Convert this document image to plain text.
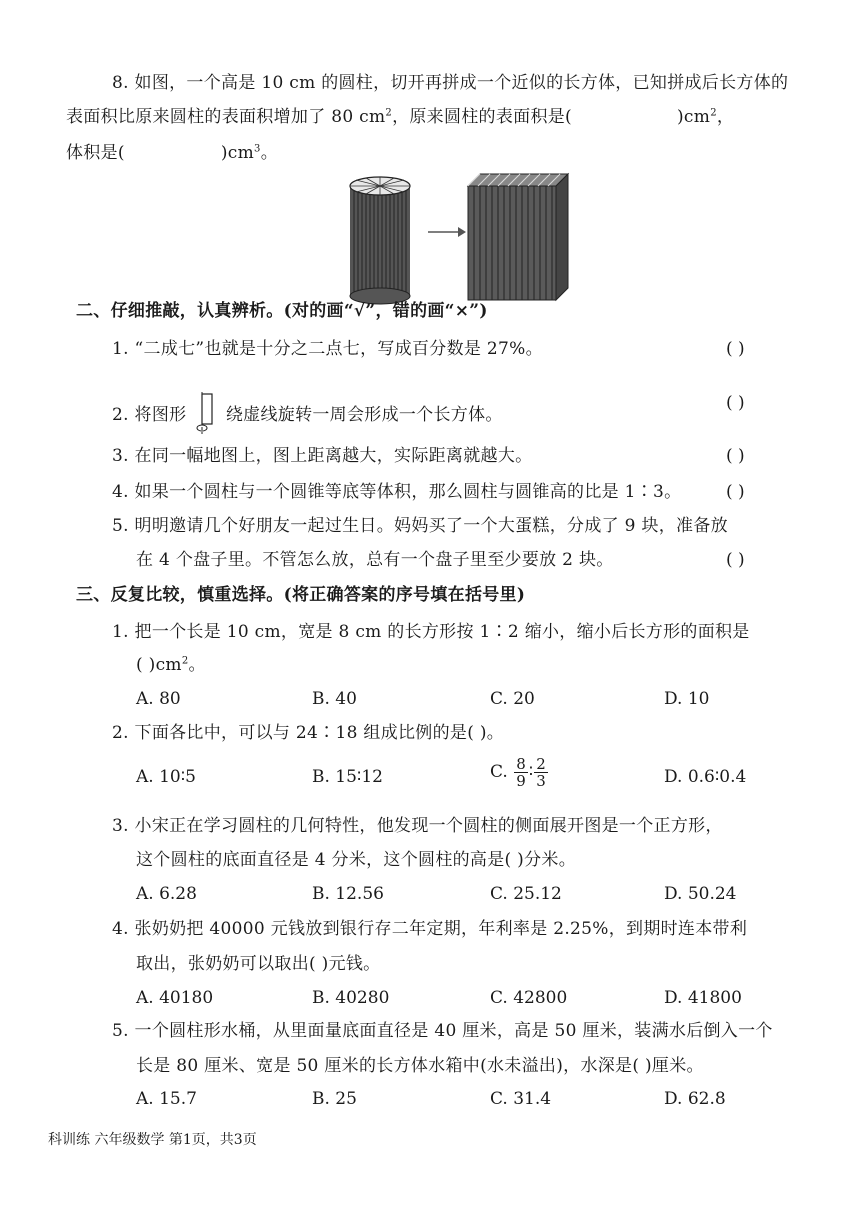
8. 如图，一个高是 10 cm 的圆柱，切开再拼成一个近似的长方体，已知拼成后长方体的
表面积比原来圆柱的表面积增加了 80 $cm^2$，原来圆柱的表面积是(	)$cm^2$，
体积是(	)$cm^3$。
二、仔细推敲，认真辨析。(对的画“√”，错的画“×”)
1. “二成七”也就是十分之二点七，写成百分数是 27%。	( )
2. 将图形 绕虚线旋转一周会形成一个长方体。
( )
3. 在同一幅地图上，图上距离越大，实际距离就越大。	( )
4. 如果一个圆柱与一个圆锥等底等体积，那么圆柱与圆锥高的比是 1∶3。	( )
5. 明明邀请几个好朋友一起过生日。妈妈买了一个大蛋糕，分成了 9 块，准备放
在 4 个盘子里。不管怎么放，总有一个盘子里至少要放 2 块。	( )
三、反复比较，慎重选择。(将正确答案的序号填在括号里)
1. 把一个长是 10 cm，宽是 8 cm 的长方形按 1∶2 缩小，缩小后长方形的面积是
( )$cm^2$。
A. 80	B. 40	C. 20	D. 10
2. 下面各比中，可以与 24∶18 组成比例的是( )。
A. 10∶5	B. 15∶12	C. $\frac{8}{9}$ ∶ $\frac{2}{3}$	D. 0.6∶0.4
3. 小宋正在学习圆柱的几何特性，他发现一个圆柱的侧面展开图是一个正方形，
这个圆柱的底面直径是 4 分米，这个圆柱的高是( )分米。
A. 6.28	B. 12.56	C. 25.12	D. 50.24
4. 张奶奶把 40000 元钱放到银行存二年定期，年利率是 2.25%，到期时连本带利
取出，张奶奶可以取出( )元钱。
A. 40180	B. 40280	C. 42800	D. 41800
5. 一个圆柱形水桶，从里面量底面直径是 40 厘米，高是 50 厘米，装满水后倒入一个
长是 80 厘米、宽是 50 厘米的长方体水箱中(水未溢出)，水深是( )厘米。
A. 15.7	B. 25	C. 31.4	D. 62.8
科训练 六年级数学 第1页，共3页
